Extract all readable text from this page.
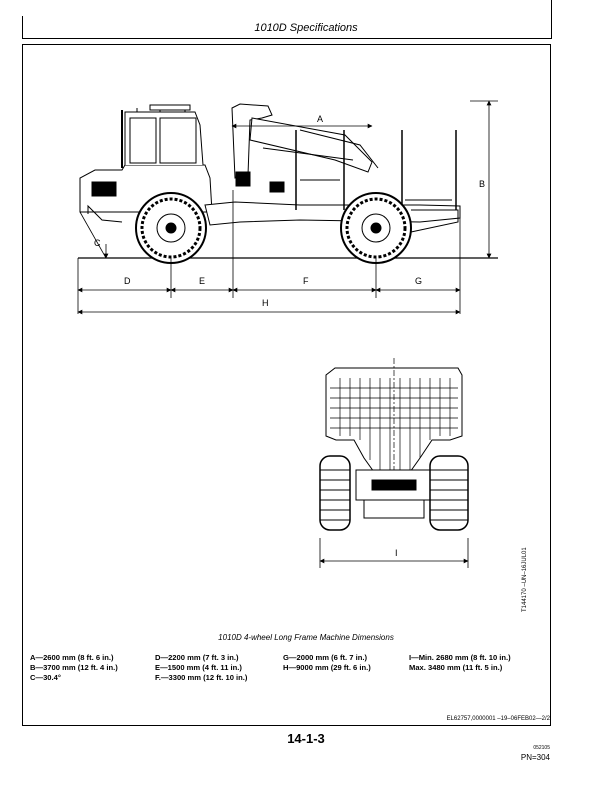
1010D Specifications
A
B
C
D	E	F	G
H
I	T144170 –UN–16JUL01
1010D 4-wheel Long Frame Machine Dimensions
A—2600 mm (8 ft. 6 in.)
B—3700 mm (12 ft. 4 in.)
C—30.4°
D—2200 mm (7 ft. 3 in.)
E—1500 mm (4 ft. 11 in.)
F.—3300 mm (12 ft. 10 in.)
G—2000 mm (6 ft. 7 in.)
H—9000 mm (29 ft. 6 in.)
I—Min. 2680 mm (8 ft. 10 in.)
Max. 3480 mm (11 ft. 5 in.)
EL62757,0000001 –19–06FEB02—2/2
14-1-3
052105
PN=304
